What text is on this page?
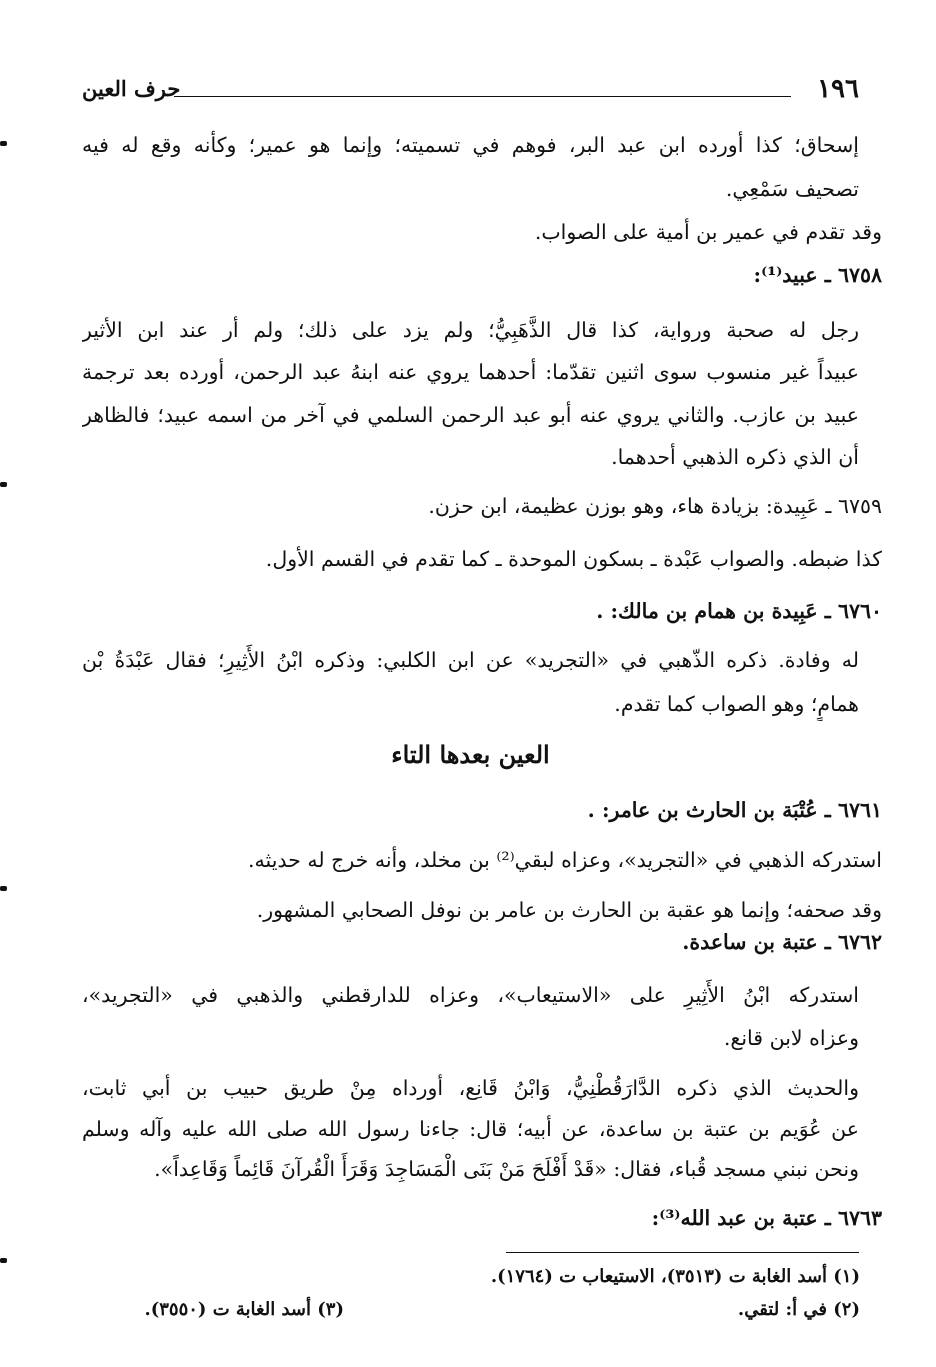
١٩٦
حرف العين
إسحاق؛ كذا أورده ابن عبد البر، فوهم في تسميته؛ وإنما هو عمير؛ وكأنه وقع له فيه
تصحيف سَمْعِي.
وقد تقدم في عمير بن أمية على الصواب.
٦٧٥٨ ـ عبيد⁽¹⁾:
رجل له صحبة ورواية، كذا قال الذَّهَبِيُّ؛ ولم يزد على ذلك؛ ولم أر عند ابن الأثير
عبيداً غير منسوب سوى اثنين تقدّما: أحدهما يروي عنه ابنهُ عبد الرحمن، أورده بعد ترجمة
عبيد بن عازب. والثاني يروي عنه أبو عبد الرحمن السلمي في آخر من اسمه عبيد؛ فالظاهر
أن الذي ذكره الذهبي أحدهما.
٦٧٥٩ ـ عَبِيدة: بزيادة هاء، وهو بوزن عظيمة، ابن حزن.
كذا ضبطه. والصواب عَبْدة ـ بسكون الموحدة ـ كما تقدم في القسم الأول.
٦٧٦٠ ـ عَبِيدة بن همام بن مالك: .
له وفادة. ذكره الذّهبي في «التجريد» عن ابن الكلبي: وذكره ابْنُ الأَثِيرِ؛ فقال عَبْدَةُ بْن
همامٍ؛ وهو الصواب كما تقدم.
العين بعدها التاء
٦٧٦١ ـ عُتْبَة بن الحارث بن عامر: .
استدركه الذهبي في «التجريد»، وعزاه لبقي⁽²⁾ بن مخلد، وأنه خرج له حديثه.
وقد صحفه؛ وإنما هو عقبة بن الحارث بن عامر بن نوفل الصحابي المشهور.
٦٧٦٢ ـ عتبة بن ساعدة.
استدركه ابْنُ الأَثِيرِ على «الاستيعاب»، وعزاه للدارقطني والذهبي في «التجريد»،
وعزاه لابن قانع.
والحديث الذي ذكره الدَّارَقُطْنِيُّ، وَابْنُ قَانِع، أورداه مِنْ طريق حبيب بن أبي ثابت،
عن عُوَيم بن عتبة بن ساعدة، عن أبيه؛ قال: جاءنا رسول الله صلى الله عليه وآله وسلم
ونحن نبني مسجد قُباء، فقال: «قَدْ أَفْلَحَ مَنْ بَنَى الْمَسَاجِدَ وَقَرَأَ الْقُرآنَ قَائِماً وَقَاعِداً».
٦٧٦٣ ـ عتبة بن عبد الله⁽³⁾:
(١) أسد الغابة ت (٣٥١٣)، الاستيعاب ت (١٧٦٤).
(٢) في أ: لتقي.
(٣) أسد الغابة ت (٣٥٥٠).
